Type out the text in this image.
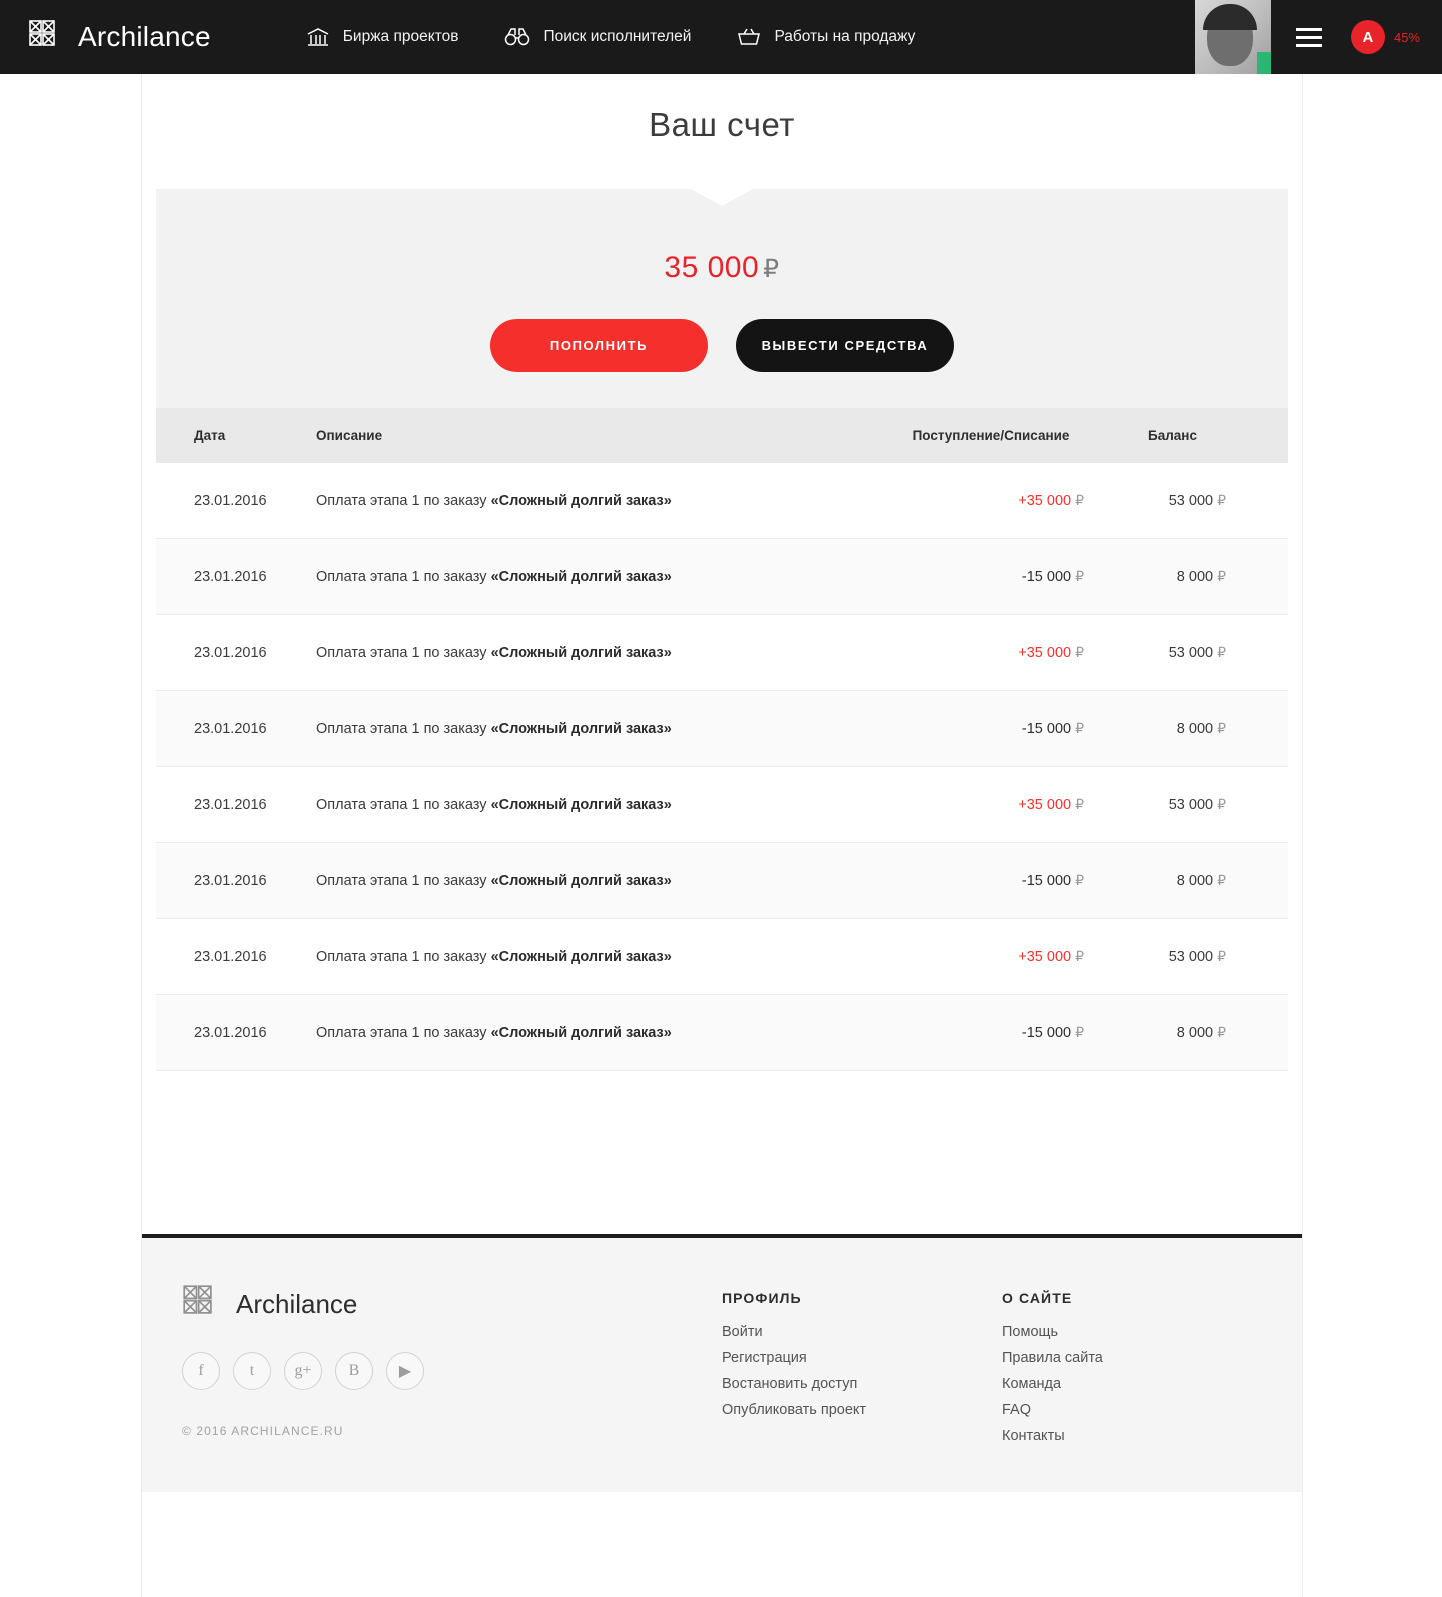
Archilance	Биржа проектов	Поиск исполнителей	Работы на продажу	A 45%
Ваш счет
35 000 ₽
ПОПОЛНИТЬ	ВЫВЕСТИ СРЕДСТВА
Дата	Описание	Поступление/Списание	Баланс
23.01.2016	Оплата этапа 1 по заказу «Сложный долгий заказ»	+35 000 ₽	53 000 ₽
23.01.2016	Оплата этапа 1 по заказу «Сложный долгий заказ»	-15 000 ₽	8 000 ₽
23.01.2016	Оплата этапа 1 по заказу «Сложный долгий заказ»	+35 000 ₽	53 000 ₽
23.01.2016	Оплата этапа 1 по заказу «Сложный долгий заказ»	-15 000 ₽	8 000 ₽
23.01.2016	Оплата этапа 1 по заказу «Сложный долгий заказ»	+35 000 ₽	53 000 ₽
23.01.2016	Оплата этапа 1 по заказу «Сложный долгий заказ»	-15 000 ₽	8 000 ₽
23.01.2016	Оплата этапа 1 по заказу «Сложный долгий заказ»	+35 000 ₽	53 000 ₽
23.01.2016	Оплата этапа 1 по заказу «Сложный долгий заказ»	-15 000 ₽	8 000 ₽
Archilance
f	t	g+	B	▶
© 2016 ARCHILANCE.RU
ПРОФИЛЬ
Войти
Регистрация
Востановить доступ
Опубликовать проект
О САЙТЕ
Помощь
Правила сайта
Команда
FAQ
Контакты
